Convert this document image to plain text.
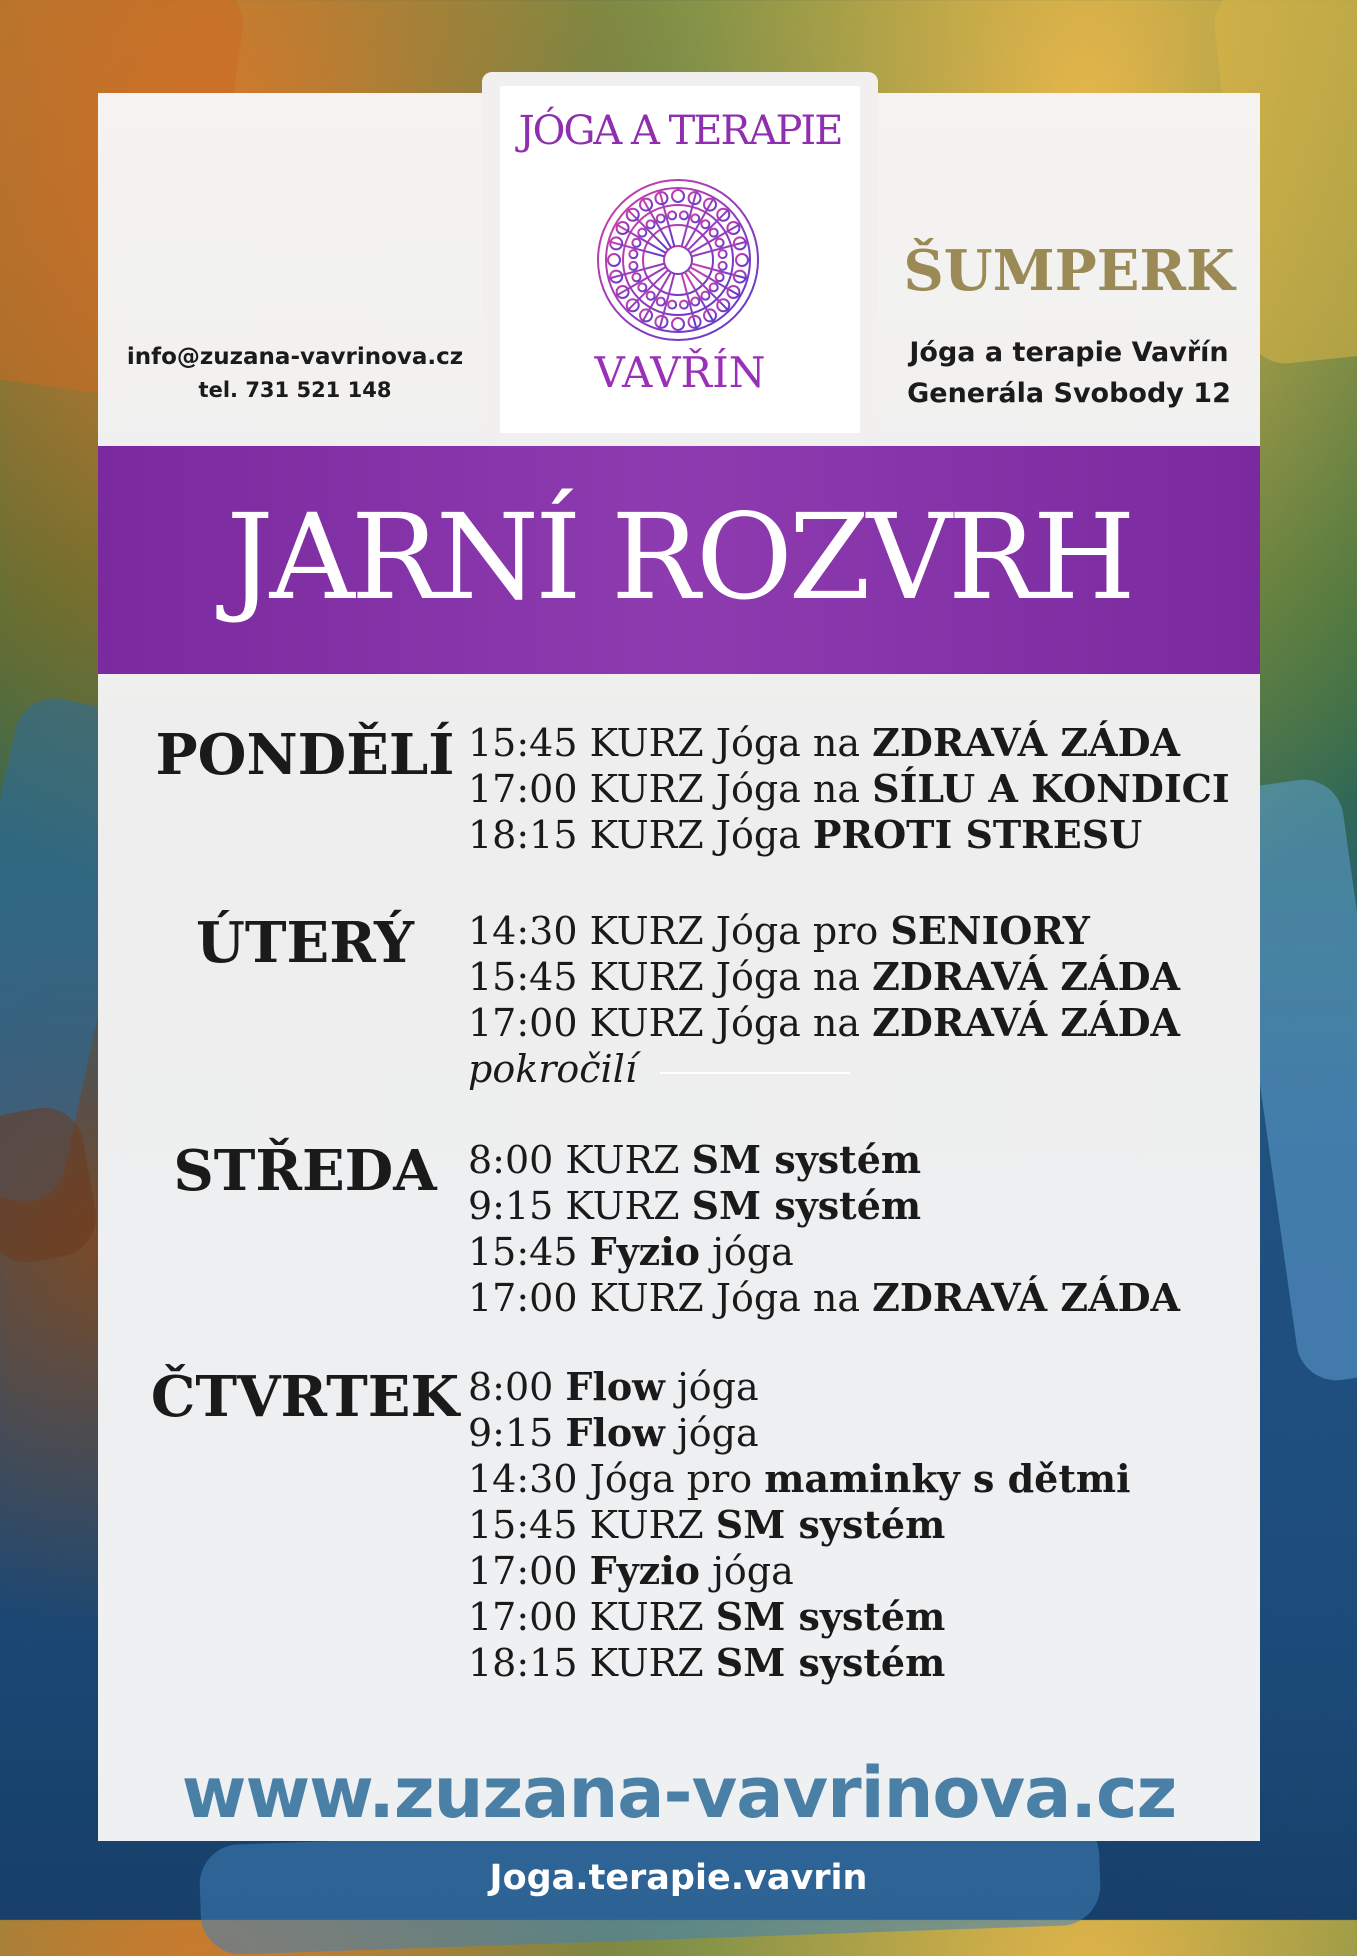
JÓGA A TERAPIE
VAVŘÍN
info@zuzana-vavrinova.cz
tel. 731 521 148
ŠUMPERK
Jóga a terapie Vavřín
Generála Svobody 12
JARNÍ ROZVRH
PONDĚLÍ 15:45 KURZ Jóga na ZDRAVÁ ZÁDA
17:00 KURZ Jóga na SÍLU A KONDICI
18:15 KURZ Jóga PROTI STRESU
ÚTERÝ	14:30 KURZ Jóga pro SENIORY
15:45 KURZ Jóga na ZDRAVÁ ZÁDA
17:00 KURZ Jóga na ZDRAVÁ ZÁDA
pokročilí
STŘEDA 8:00 KURZ SM systém
9:15 KURZ SM systém
15:45 Fyzio jóga
17:00 KURZ Jóga na ZDRAVÁ ZÁDA
ČTVRTEK 8:00 Flow jóga
9:15 Flow jóga
14:30 Jóga pro maminky s dětmi
15:45 KURZ SM systém
17:00 Fyzio jóga
17:00 KURZ SM systém
18:15 KURZ SM systém
www.zuzana-vavrinova.cz
Joga.terapie.vavrin
